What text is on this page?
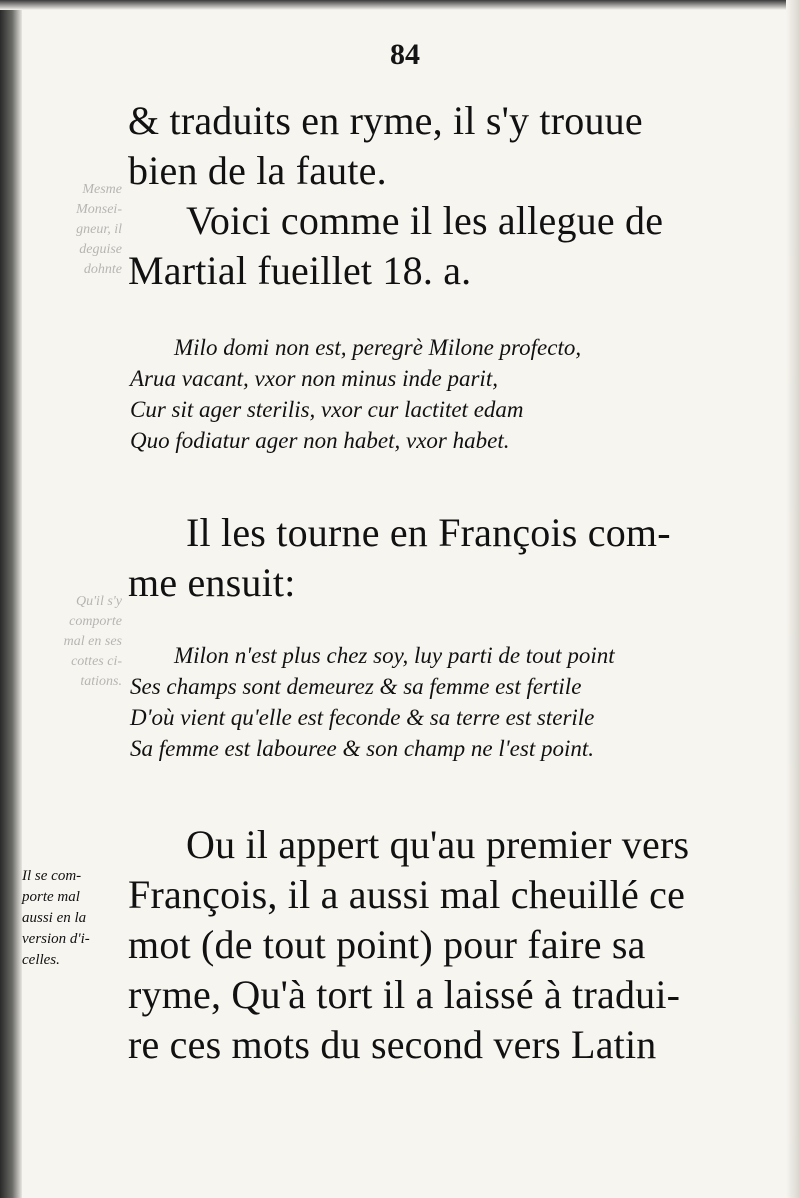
Mesme
Monsei-
gneur, il
deguise
dohnte
Qu'il s'y
comporte
mal en ses
cottes ci-
tations.
84
& traduits en ryme, il s'y trouue
bien de la faute.
Voici comme il les allegue de
Martial fueillet 18. a.
Milo domi non est, peregrè Milone profecto,
Arua vacant, vxor non minus inde parit,
Cur sit ager sterilis, vxor cur lactitet edam
Quo fodiatur ager non habet, vxor habet.
Il les tourne en François com-
me ensuit:
Milon n'est plus chez soy, luy parti de tout point
Ses champs sont demeurez & sa femme est fertile
D'où vient qu'elle est feconde & sa terre est sterile
Sa femme est labouree & son champ ne l'est point.
Ou il appert qu'au premier vers
François, il a aussi mal cheuillé ce
mot (de tout point) pour faire sa
ryme, Qu'à tort il a laissé à tradui-
re ces mots du second vers Latin
Il se com-
porte mal
aussi en la
version d'i-
celles.
